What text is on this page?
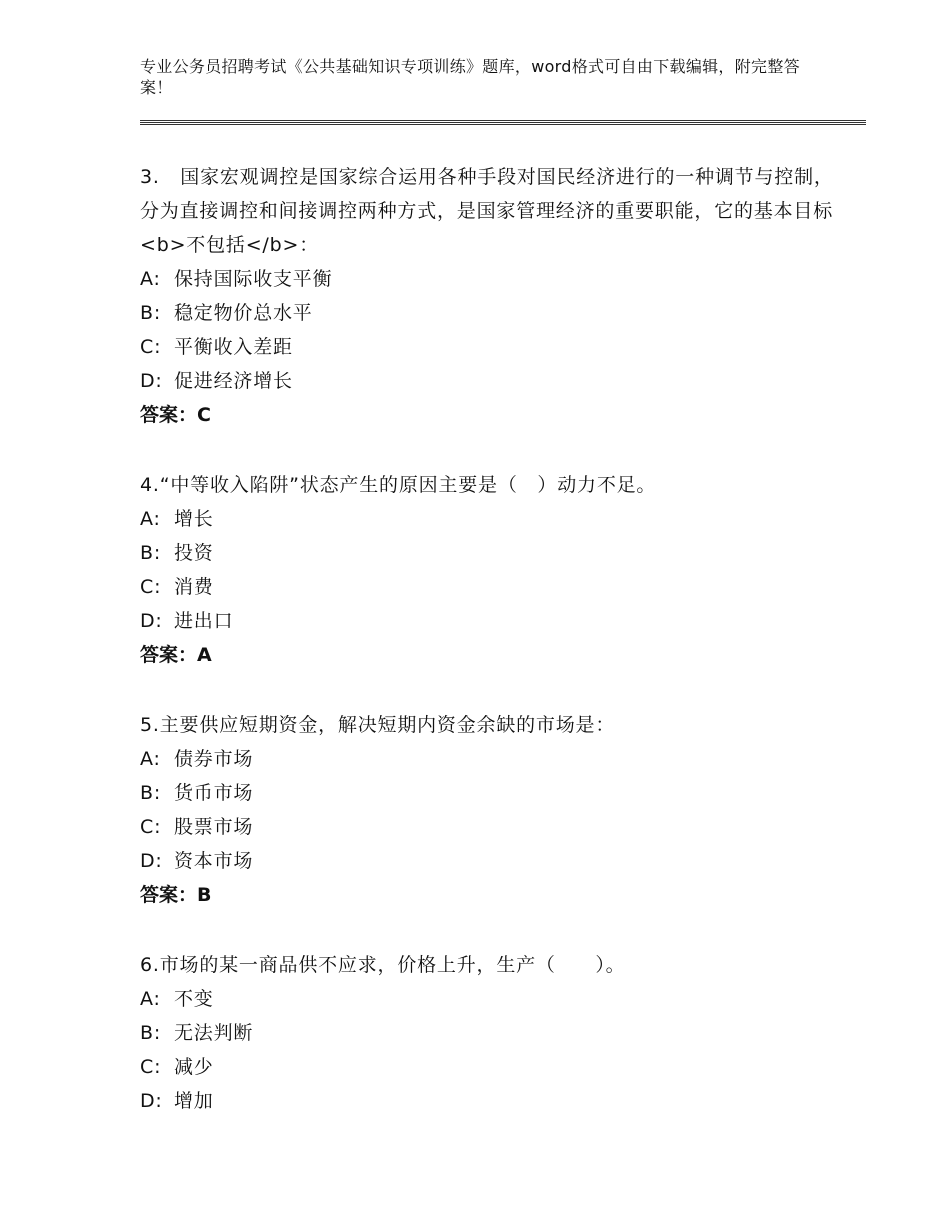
专业公务员招聘考试《公共基础知识专项训练》题库，word格式可自由下载编辑，附完整答案！

3. 国家宏观调控是国家综合运用各种手段对国民经济进行的一种调节与控制，分为直接调控和间接调控两种方式，是国家管理经济的重要职能，它的基本目标<b>不包括</b>：

A: 保持国际收支平衡

B: 稳定物价总水平

C: 平衡收入差距

D: 促进经济增长

答案：C

4.“中等收入陷阱”状态产生的原因主要是（　）动力不足。

A: 增长

B: 投资

C: 消费

D: 进出口

答案：A

5.主要供应短期资金，解决短期内资金余缺的市场是：

A: 债券市场

B: 货币市场

C: 股票市场

D: 资本市场

答案：B

6.市场的某一商品供不应求，价格上升，生产（　　）。

A: 不变

B: 无法判断

C: 减少

D: 增加
